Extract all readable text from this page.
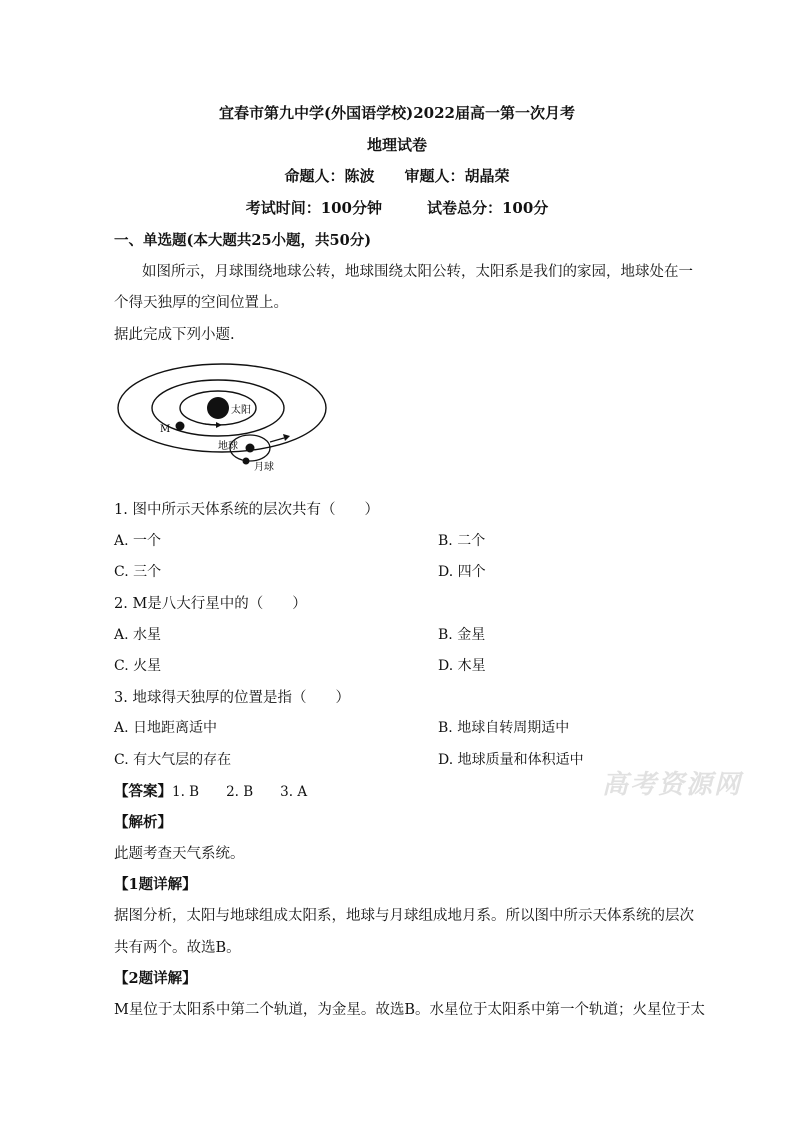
宜春市第九中学(外国语学校)2022届高一第一次月考
地理试卷
命题人：陈波　　审题人：胡晶荣
考试时间：100分钟　　　试卷总分：100分
一、单选题(本大题共25小题，共50分)
如图所示，月球围绕地球公转，地球围绕太阳公转，太阳系是我们的家园，地球处在一
个得天独厚的空间位置上。
据此完成下列小题.
太阳
M
地球
月球
1. 图中所示天体系统的层次共有（　　）
A. 一个	B. 二个
C. 三个	D. 四个
2. M是八大行星中的（　　）
A. 水星	B. 金星
C. 火星	D. 木星
3. 地球得天独厚的位置是指（　　）
A. 日地距离适中	B. 地球自转周期适中
C. 有大气层的存在	D. 地球质量和体积适中
高考资源网
【答案】1. B　　2. B　　3. A
【解析】
此题考查天气系统。
【1题详解】
据图分析，太阳与地球组成太阳系，地球与月球组成地月系。所以图中所示天体系统的层次
共有两个。故选B。
【2题详解】
M星位于太阳系中第二个轨道，为金星。故选B。水星位于太阳系中第一个轨道；火星位于太
